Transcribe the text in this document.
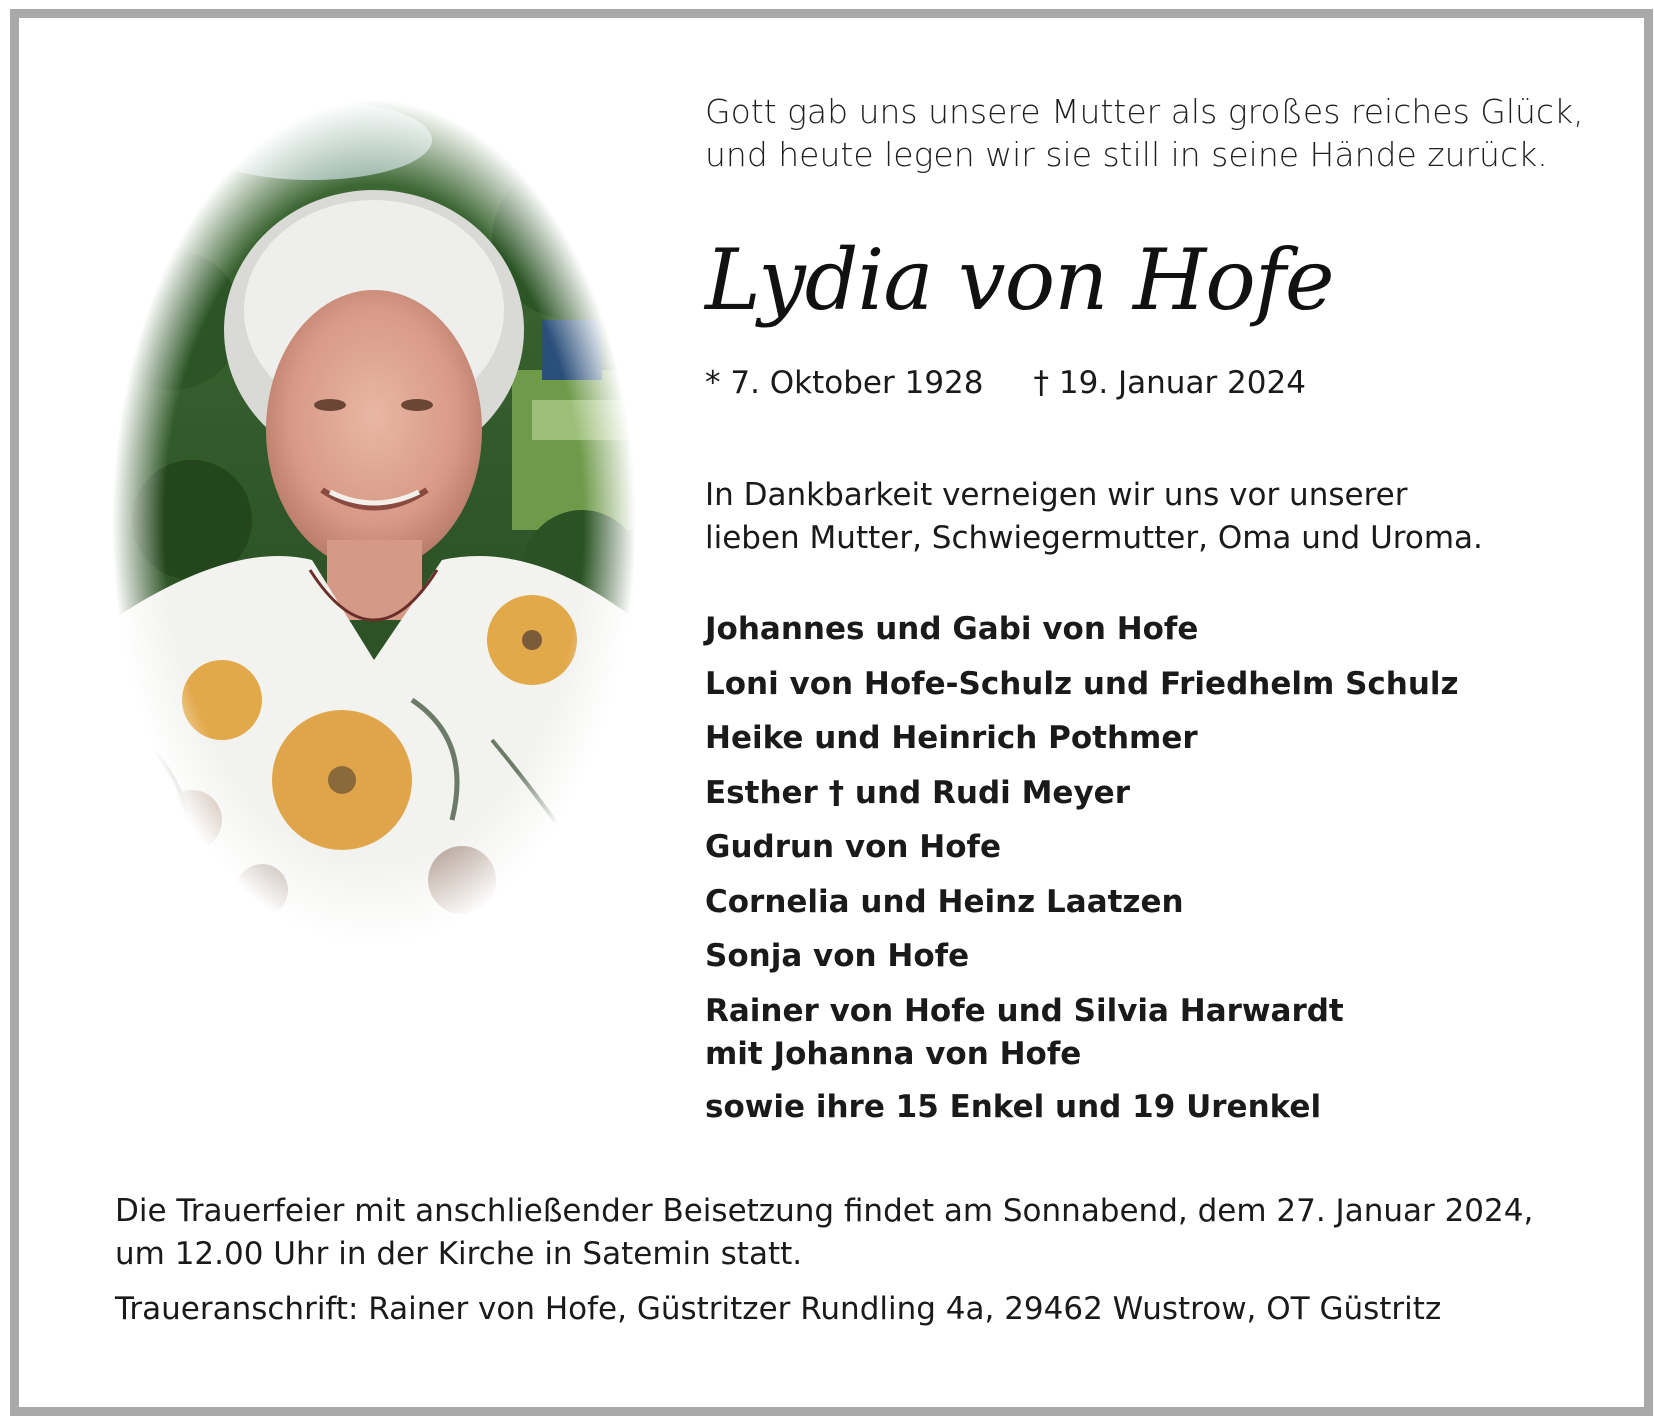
Gott gab uns unsere Mutter als großes reiches Glück,
und heute legen wir sie still in seine Hände zurück.
Lydia von Hofe
* 7. Oktober 1928 † 19. Januar 2024
In Dankbarkeit verneigen wir uns vor unserer
lieben Mutter, Schwiegermutter, Oma und Uroma.
Johannes und Gabi von Hofe
Loni von Hofe-Schulz und Friedhelm Schulz
Heike und Heinrich Pothmer
Esther † und Rudi Meyer
Gudrun von Hofe
Cornelia und Heinz Laatzen
Sonja von Hofe
Rainer von Hofe und Silvia Harwardt
mit Johanna von Hofe
sowie ihre 15 Enkel und 19 Urenkel
Die Trauerfeier mit anschließender Beisetzung findet am Sonnabend, dem 27. Januar 2024,
um 12.00 Uhr in der Kirche in Satemin statt.
Traueranschrift: Rainer von Hofe, Güstritzer Rundling 4a, 29462 Wustrow, OT Güstritz
